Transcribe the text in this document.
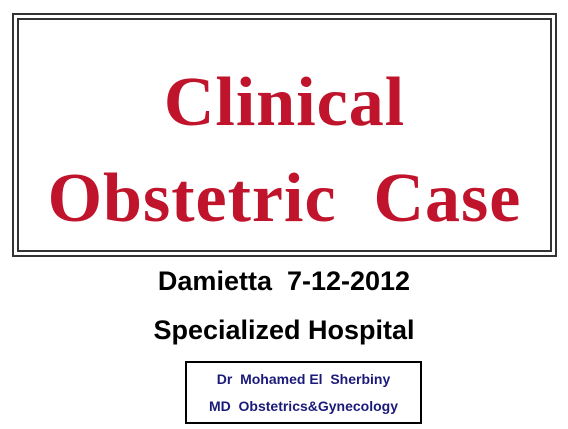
Clinical
Obstetric  Case
Damietta  7-12-2012
Specialized Hospital
Dr  Mohamed El  Sherbiny
MD  Obstetrics&Gynecology
